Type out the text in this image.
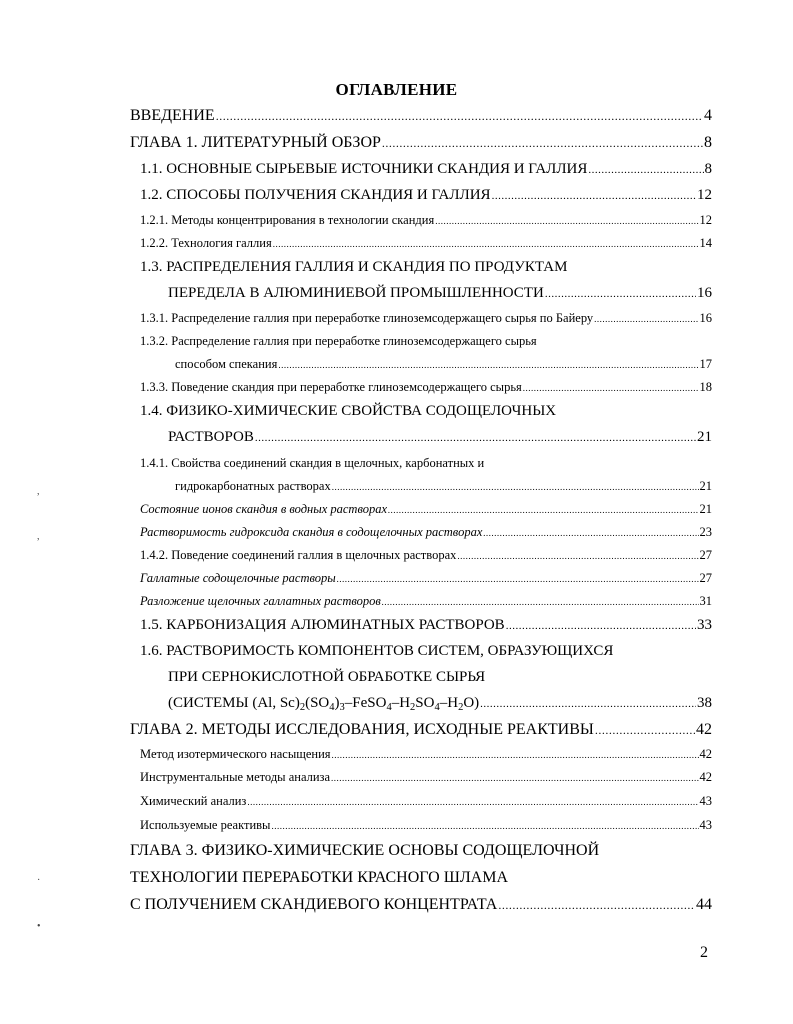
ОГЛАВЛЕНИЕ
ВВЕДЕНИЕ .....	4
ГЛАВА 1. ЛИТЕРАТУРНЫЙ ОБЗОР .....	8
1.1. ОСНОВНЫЕ СЫРЬЕВЫЕ ИСТОЧНИКИ СКАНДИЯ И ГАЛЛИЯ .....	8
1.2. СПОСОБЫ ПОЛУЧЕНИЯ СКАНДИЯ И ГАЛЛИЯ .....	12
1.2.1. Методы концентрирования в технологии скандия .....	12
1.2.2. Технология галлия .....	14
1.3. РАСПРЕДЕЛЕНИЯ ГАЛЛИЯ И СКАНДИЯ ПО ПРОДУКТАМ
ПЕРЕДЕЛА В АЛЮМИНИЕВОЙ ПРОМЫШЛЕННОСТИ .....	16
1.3.1. Распределение галлия при переработке глиноземсодержащего сырья по Байеру .....	16
1.3.2. Распределение галлия при переработке глиноземсодержащего сырья
способом спекания .....	17
1.3.3. Поведение скандия при переработке глиноземсодержащего сырья .....	18
1.4. ФИЗИКО-ХИМИЧЕСКИЕ СВОЙСТВА СОДОЩЕЛОЧНЫХ
РАСТВОРОВ .....	21
1.4.1. Свойства соединений скандия в щелочных, карбонатных и
гидрокарбонатных растворах .....	21
Состояние ионов скандия в водных растворах .....	21
Растворимость гидроксида скандия в содощелочных растворах .....	23
1.4.2. Поведение соединений галлия в щелочных растворах .....	27
Галлатные содощелочные растворы .....	27
Разложение щелочных галлатных растворов .....	31
1.5. КАРБОНИЗАЦИЯ АЛЮМИНАТНЫХ РАСТВОРОВ .....	33
1.6. РАСТВОРИМОСТЬ КОМПОНЕНТОВ СИСТЕМ, ОБРАЗУЮЩИХСЯ
ПРИ СЕРНОКИСЛОТНОЙ ОБРАБОТКЕ СЫРЬЯ
(СИСТЕМЫ (Al, $Sc)_2(SO_4)_3-FeSO_4-H_2SO_4-H_2O$) .....	38
ГЛАВА 2. МЕТОДЫ ИССЛЕДОВАНИЯ, ИСХОДНЫЕ РЕАКТИВЫ .....	42
Метод изотермического насыщения .....	42
Инструментальные методы анализа .....	42
Химический анализ .....	43
Используемые реактивы .....	43
ГЛАВА 3. ФИЗИКО-ХИМИЧЕСКИЕ ОСНОВЫ СОДОЩЕЛОЧНОЙ
ТЕХНОЛОГИИ ПЕРЕРАБОТКИ КРАСНОГО ШЛАМА
С ПОЛУЧЕНИЕМ СКАНДИЕВОГО КОНЦЕНТРАТА .....	44
2
,
,
·
•
